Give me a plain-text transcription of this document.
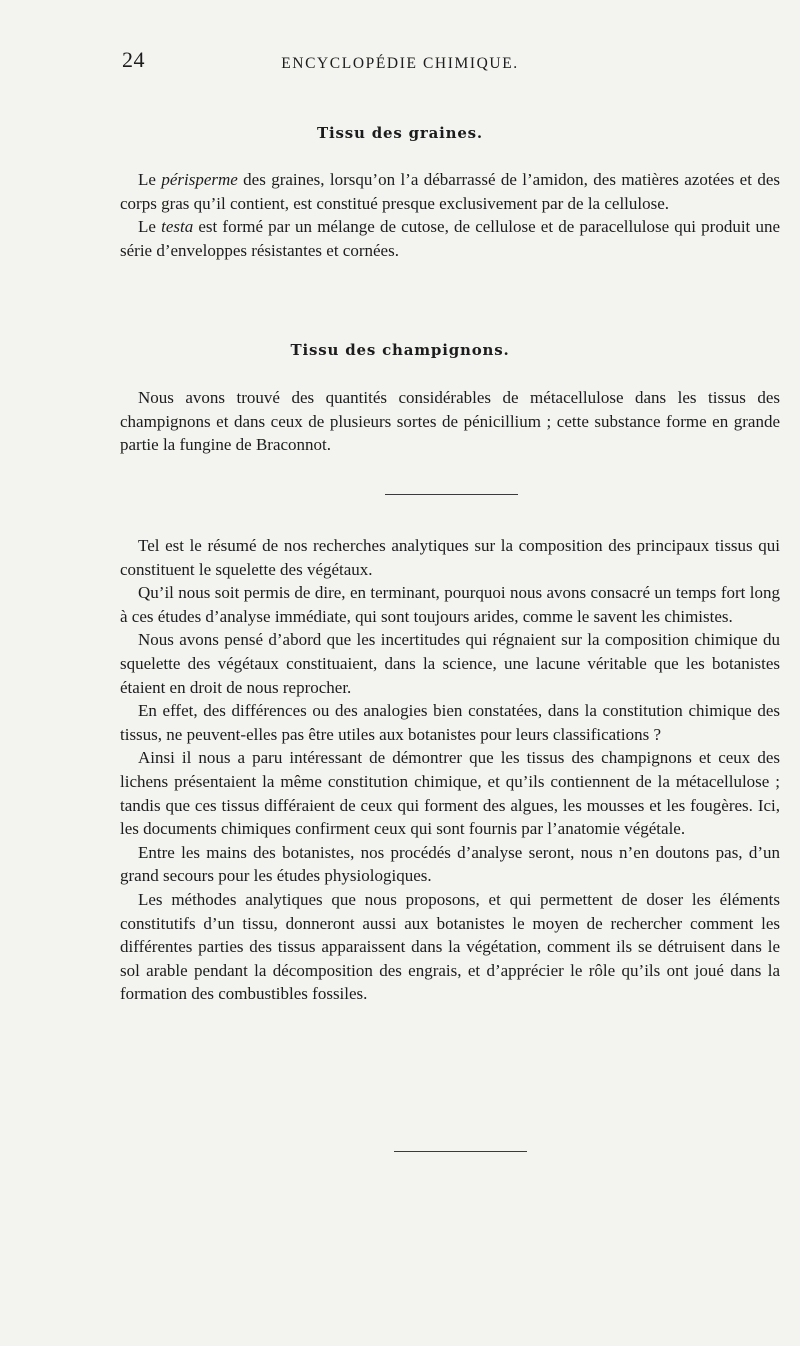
24	ENCYCLOPÉDIE CHIMIQUE.
Tissu des graines.

Le périsperme des graines, lorsqu’on l’a débarrassé de l’amidon, des matières azotées et des corps gras qu’il contient, est constitué presque exclusivement par de la cellulose.

Le testa est formé par un mélange de cutose, de cellulose et de paracellulose qui produit une série d’enveloppes résistantes et cornées.

Tissu des champignons.

Nous avons trouvé des quantités considérables de métacellulose dans les tissus des champignons et dans ceux de plusieurs sortes de pénicillium ; cette substance forme en grande partie la fungine de Braconnot.

Tel est le résumé de nos recherches analytiques sur la composition des principaux tissus qui constituent le squelette des végétaux.

Qu’il nous soit permis de dire, en terminant, pourquoi nous avons consacré un temps fort long à ces études d’analyse immédiate, qui sont toujours arides, comme le savent les chimistes.

Nous avons pensé d’abord que les incertitudes qui régnaient sur la composition chimique du squelette des végétaux constituaient, dans la science, une lacune véritable que les botanistes étaient en droit de nous reprocher.

En effet, des différences ou des analogies bien constatées, dans la constitution chimique des tissus, ne peuvent-elles pas être utiles aux botanistes pour leurs classifications ?

Ainsi il nous a paru intéressant de démontrer que les tissus des champignons et ceux des lichens présentaient la même constitution chimique, et qu’ils contiennent de la métacellulose ; tandis que ces tissus différaient de ceux qui forment des algues, les mousses et les fougères. Ici, les documents chimiques confirment ceux qui sont fournis par l’anatomie végétale.

Entre les mains des botanistes, nos procédés d’analyse seront, nous n’en doutons pas, d’un grand secours pour les études physiologiques.

Les méthodes analytiques que nous proposons, et qui permettent de doser les éléments constitutifs d’un tissu, donneront aussi aux botanistes le moyen de rechercher comment les différentes parties des tissus apparaissent dans la végétation, comment ils se détruisent dans le sol arable pendant la décomposition des engrais, et d’apprécier le rôle qu’ils ont joué dans la formation des combustibles fossiles.
